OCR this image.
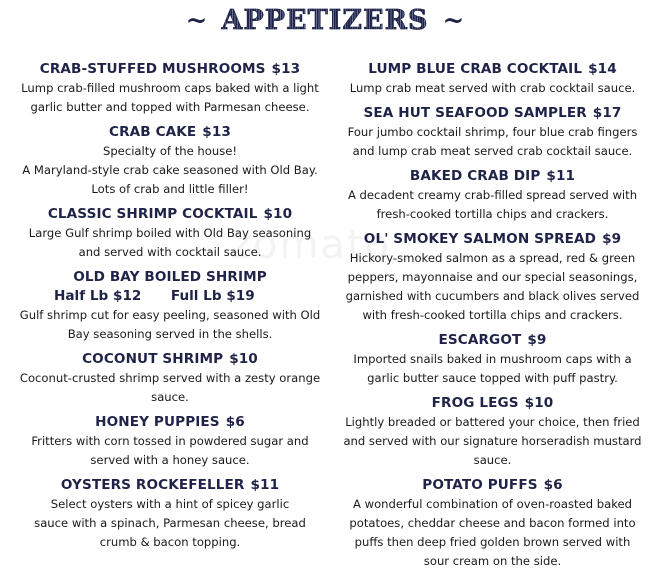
zomato
~ APPETIZERS ~
CRAB-STUFFED MUSHROOMS $13
Lump crab-filled mushroom caps baked with a light
garlic butter and topped with Parmesan cheese.
CRAB CAKE $13
Specialty of the house!
A Maryland-style crab cake seasoned with Old Bay.
Lots of crab and little filler!
CLASSIC SHRIMP COCKTAIL $10
Large Gulf shrimp boiled with Old Bay seasoning
and served with cocktail sauce.
OLD BAY BOILED SHRIMP
Half Lb $12 Full Lb $19
Gulf shrimp cut for easy peeling, seasoned with Old
Bay seasoning served in the shells.
COCONUT SHRIMP $10
Coconut-crusted shrimp served with a zesty orange
sauce.
HONEY PUPPIES $6
Fritters with corn tossed in powdered sugar and
served with a honey sauce.
OYSTERS ROCKEFELLER $11
Select oysters with a hint of spicey garlic
sauce with a spinach, Parmesan cheese, bread
crumb & bacon topping.
LUMP BLUE CRAB COCKTAIL $14
Lump crab meat served with crab cocktail sauce.
SEA HUT SEAFOOD SAMPLER $17
Four jumbo cocktail shrimp, four blue crab fingers
and lump crab meat served crab cocktail sauce.
BAKED CRAB DIP $11
A decadent creamy crab-filled spread served with
fresh-cooked tortilla chips and crackers.
OL' SMOKEY SALMON SPREAD $9
Hickory-smoked salmon as a spread, red & green
peppers, mayonnaise and our special seasonings,
garnished with cucumbers and black olives served
with fresh-cooked tortilla chips and crackers.
ESCARGOT $9
Imported snails baked in mushroom caps with a
garlic butter sauce topped with puff pastry.
FROG LEGS $10
Lightly breaded or battered your choice, then fried
and served with our signature horseradish mustard
sauce.
POTATO PUFFS $6
A wonderful combination of oven-roasted baked
potatoes, cheddar cheese and bacon formed into
puffs then deep fried golden brown served with
sour cream on the side.
